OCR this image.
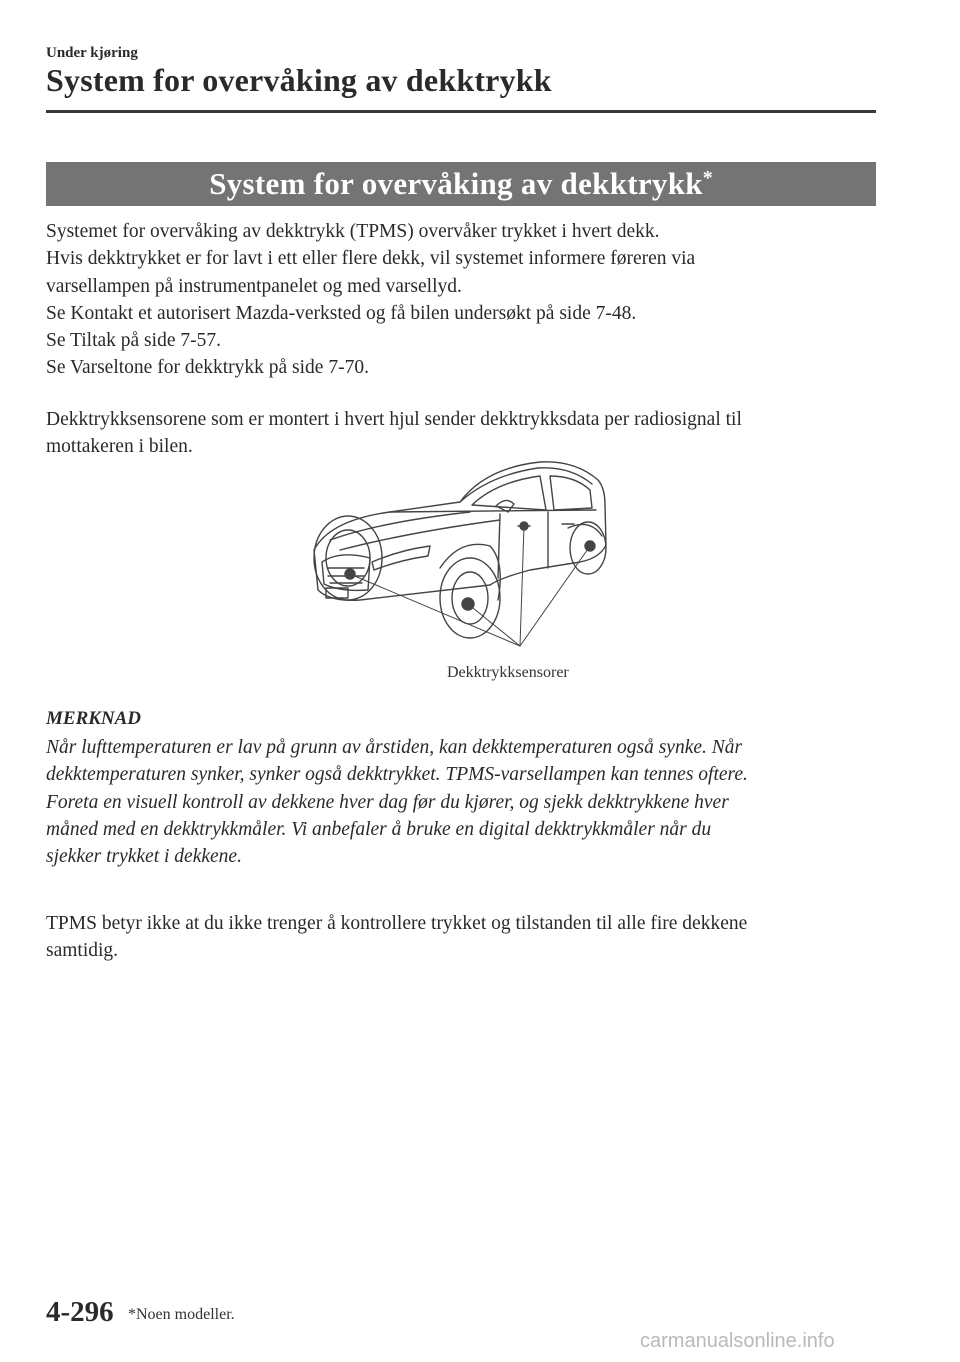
Under kjøring
System for overvåking av dekktrykk
System for overvåking av dekktrykk*

Systemet for overvåking av dekktrykk (TPMS) overvåker trykket i hvert dekk.

Hvis dekktrykket er for lavt i ett eller flere dekk, vil systemet informere føreren via

varsellampen på instrumentpanelet og med varsellyd.

Se Kontakt et autorisert Mazda-verksted og få bilen undersøkt på side 7-48.

Se Tiltak på side 7-57.

Se Varseltone for dekktrykk på side 7-70.

Dekktrykksensorene som er montert i hvert hjul sender dekktrykksdata per radiosignal til

mottakeren i bilen.

Dekktrykksensorer
MERKNAD
Når lufttemperaturen er lav på grunn av årstiden, kan dekktemperaturen også synke. Når
dekktemperaturen synker, synker også dekktrykket. TPMS-varsellampen kan tennes oftere.
Foreta en visuell kontroll av dekkene hver dag før du kjører, og sjekk dekktrykkene hver
måned med en dekktrykkmåler. Vi anbefaler å bruke en digital dekktrykkmåler når du
sjekker trykket i dekkene.

TPMS betyr ikke at du ikke trenger å kontrollere trykket og tilstanden til alle fire dekkene

samtidig.

4-296 *Noen modeller.
carmanualsonline.info
